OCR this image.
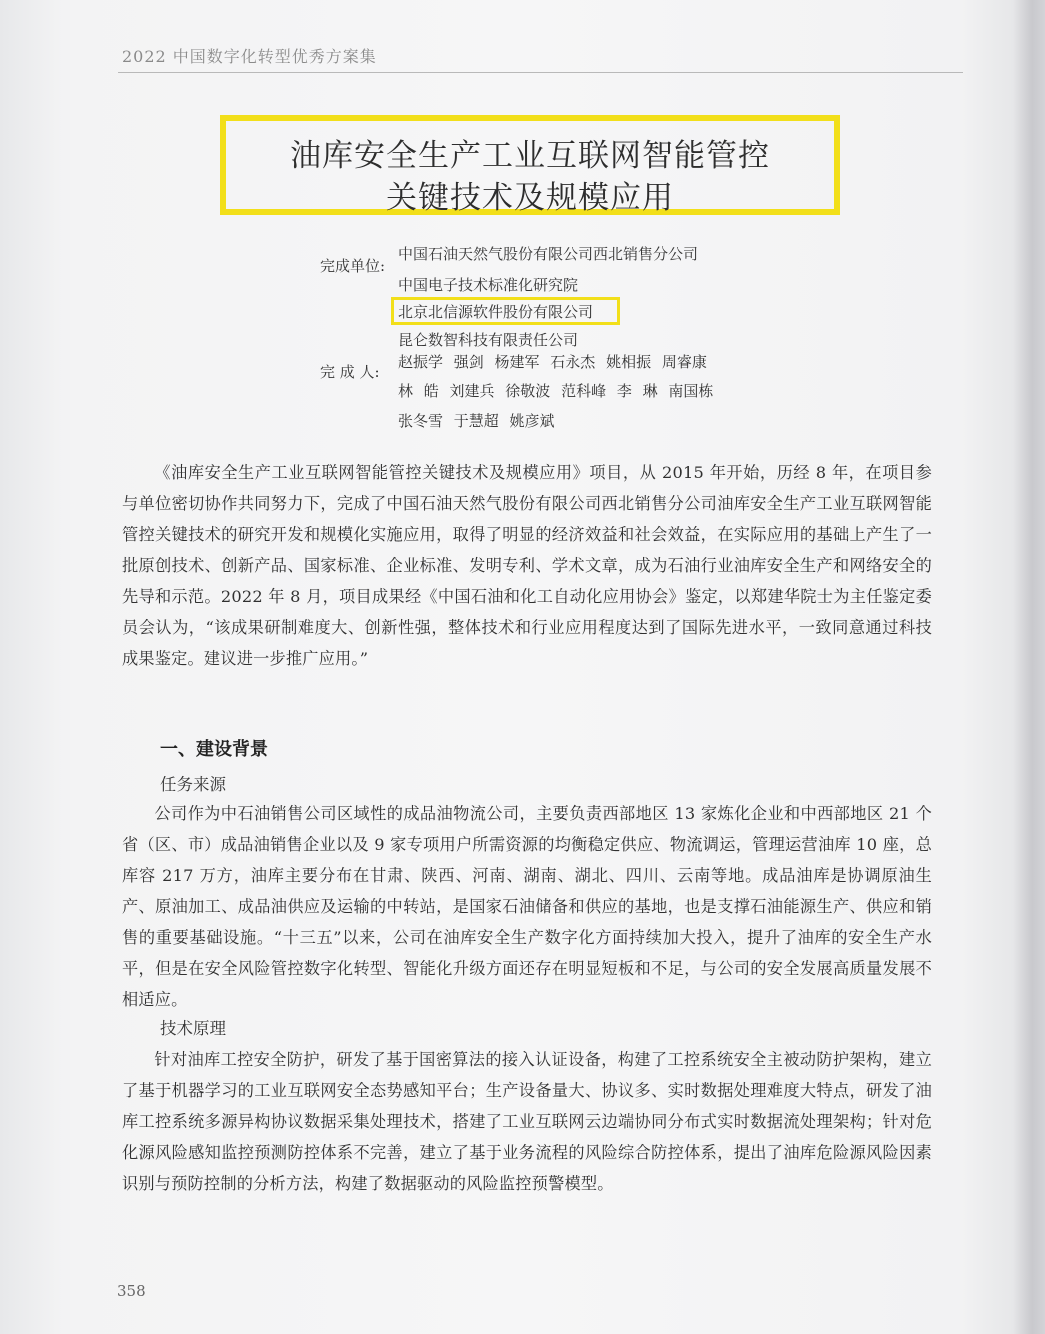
2022 中国数字化转型优秀方案集
油库安全生产工业互联网智能管控
关键技术及规模应用
完成单位:
中国石油天然气股份有限公司西北销售分公司
中国电子技术标准化研究院
北京北信源软件股份有限公司
昆仑数智科技有限责任公司
完 成 人:
赵振学 强剑 杨建军 石永杰 姚相振 周睿康
林 皓 刘建兵 徐敬波 范科峰 李 琳 南国栋
张冬雪 于慧超 姚彦斌
《油库安全生产工业互联网智能管控关键技术及规模应用》项目，从 2015 年开始，历经 8 年，在项目参与单位密切协作共同努力下，完成了中国石油天然气股份有限公司西北销售分公司油库安全生产工业互联网智能管控关键技术的研究开发和规模化实施应用，取得了明显的经济效益和社会效益，在实际应用的基础上产生了一批原创技术、创新产品、国家标准、企业标准、发明专利、学术文章，成为石油行业油库安全生产和网络安全的先导和示范。2022 年 8 月，项目成果经《中国石油和化工自动化应用协会》鉴定，以郑建华院士为主任鉴定委员会认为，“该成果研制难度大、创新性强，整体技术和行业应用程度达到了国际先进水平，一致同意通过科技成果鉴定。建议进一步推广应用。”
一、建设背景
任务来源
公司作为中石油销售公司区域性的成品油物流公司，主要负责西部地区 13 家炼化企业和中西部地区 21 个省（区、市）成品油销售企业以及 9 家专项用户所需资源的均衡稳定供应、物流调运，管理运营油库 10 座，总库容 217 万方，油库主要分布在甘肃、陕西、河南、湖南、湖北、四川、云南等地。成品油库是协调原油生产、原油加工、成品油供应及运输的中转站，是国家石油储备和供应的基地，也是支撑石油能源生产、供应和销售的重要基础设施。“十三五”以来，公司在油库安全生产数字化方面持续加大投入，提升了油库的安全生产水平，但是在安全风险管控数字化转型、智能化升级方面还存在明显短板和不足，与公司的安全发展高质量发展不相适应。
技术原理
针对油库工控安全防护，研发了基于国密算法的接入认证设备，构建了工控系统安全主被动防护架构，建立了基于机器学习的工业互联网安全态势感知平台；生产设备量大、协议多、实时数据处理难度大特点，研发了油库工控系统多源异构协议数据采集处理技术，搭建了工业互联网云边端协同分布式实时数据流处理架构；针对危化源风险感知监控预测防控体系不完善，建立了基于业务流程的风险综合防控体系，提出了油库危险源风险因素识别与预防控制的分析方法，构建了数据驱动的风险监控预警模型。
358
